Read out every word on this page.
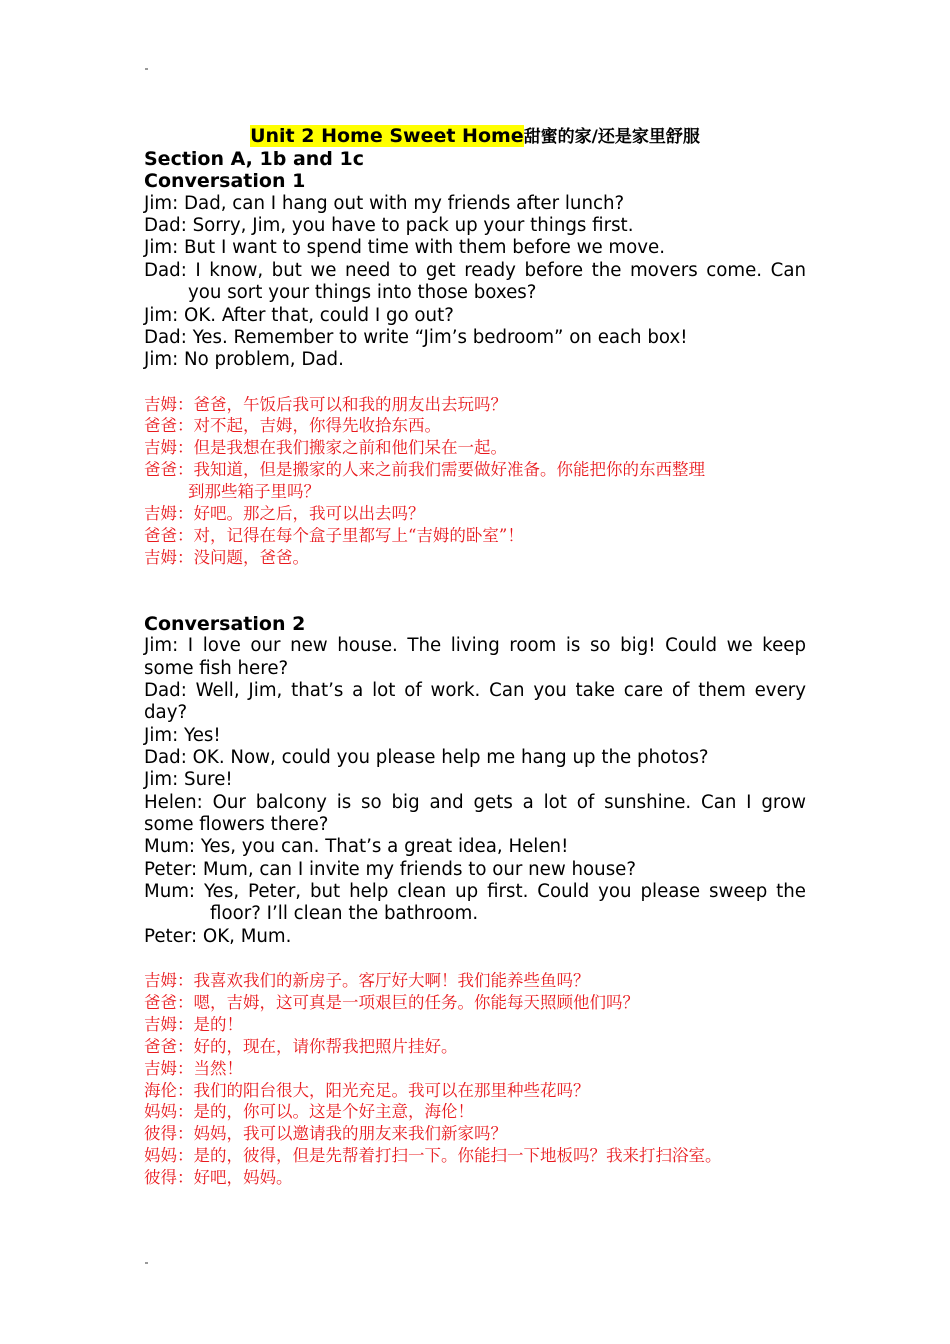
Unit 2 Home Sweet Home甜蜜的家/还是家里舒服
Section A, 1b and 1c
Conversation 1
Jim: Dad, can I hang out with my friends after lunch?
Dad: Sorry, Jim, you have to pack up your things first.
Jim: But I want to spend time with them before we move.
Dad: I know, but we need to get ready before the movers come. Can
you sort your things into those boxes?
Jim: OK. After that, could I go out?
Dad: Yes. Remember to write “Jim’s bedroom” on each box!
Jim: No problem, Dad.
吉姆：爸爸，午饭后我可以和我的朋友出去玩吗？
爸爸：对不起，吉姆，你得先收拾东西。
吉姆：但是我想在我们搬家之前和他们呆在一起。
爸爸：我知道，但是搬家的人来之前我们需要做好准备。你能把你的东西整理
到那些箱子里吗？
吉姆：好吧。那之后，我可以出去吗？
爸爸：对，记得在每个盒子里都写上“吉姆的卧室”！
吉姆：没问题，爸爸。
Conversation 2
Jim: I love our new house. The living room is so big! Could we keep
some fish here?
Dad: Well, Jim, that’s a lot of work. Can you take care of them every
day?
Jim: Yes!
Dad: OK. Now, could you please help me hang up the photos?
Jim: Sure!
Helen: Our balcony is so big and gets a lot of sunshine. Can I grow
some flowers there?
Mum: Yes, you can. That’s a great idea, Helen!
Peter: Mum, can I invite my friends to our new house?
Mum: Yes, Peter, but help clean up first. Could you please sweep the
floor? I’ll clean the bathroom.
Peter: OK, Mum.
吉姆：我喜欢我们的新房子。客厅好大啊！我们能养些鱼吗？
爸爸：嗯，吉姆，这可真是一项艰巨的任务。你能每天照顾他们吗？
吉姆：是的！
爸爸：好的，现在，请你帮我把照片挂好。
吉姆：当然！
海伦：我们的阳台很大，阳光充足。我可以在那里种些花吗？
妈妈：是的，你可以。这是个好主意，海伦！
彼得：妈妈，我可以邀请我的朋友来我们新家吗？
妈妈：是的，彼得，但是先帮着打扫一下。你能扫一下地板吗？我来打扫浴室。
彼得：好吧，妈妈。
